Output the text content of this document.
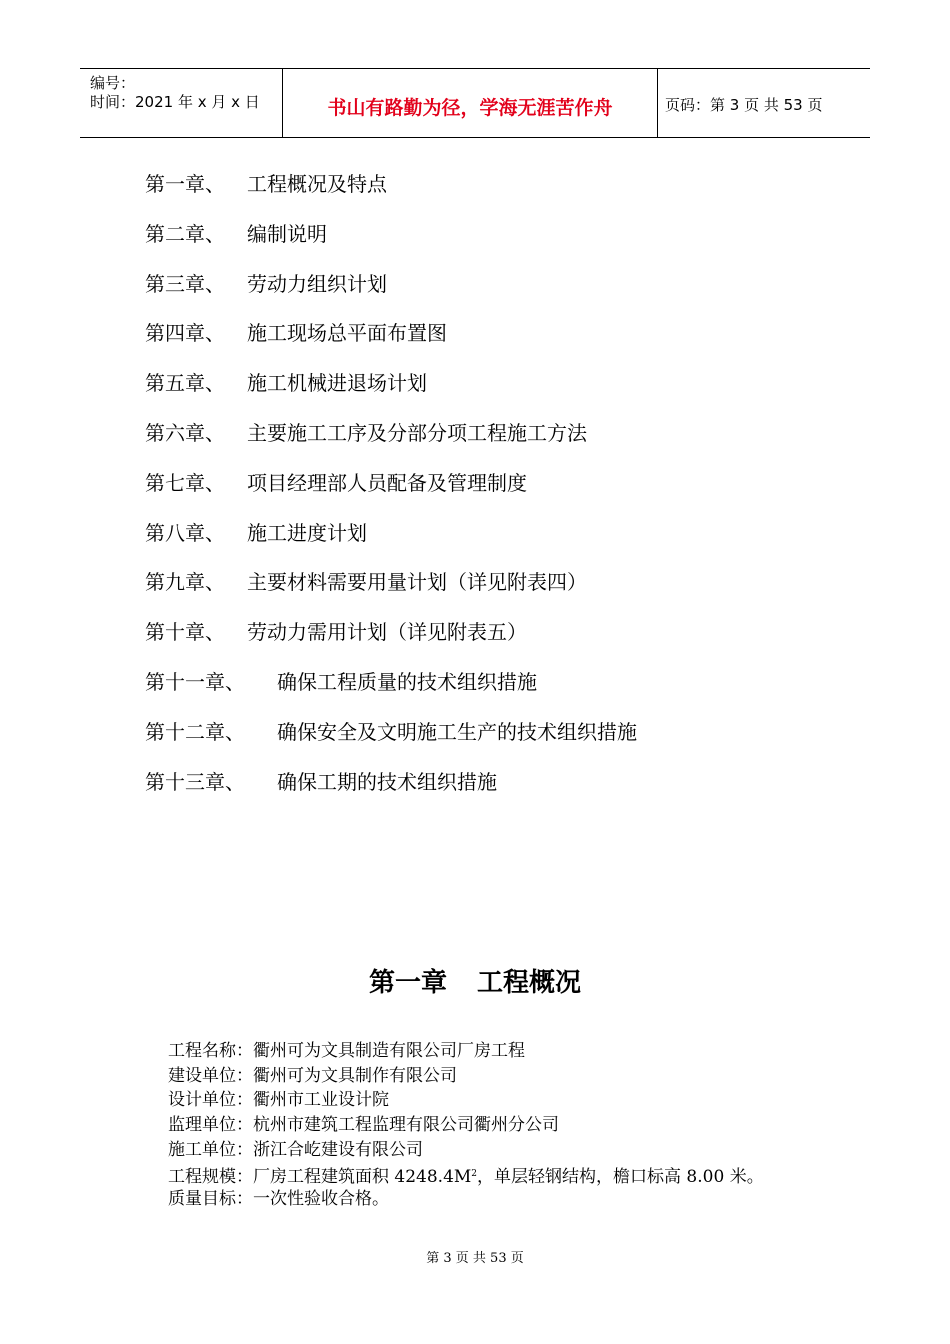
编号：
时间：2021 年 x 月 x 日	书山有路勤为径，学海无涯苦作舟	页码：第 3 页 共 53 页
第一章、 工程概况及特点
第二章、 编制说明
第三章、 劳动力组织计划
第四章、 施工现场总平面布置图
第五章、 施工机械进退场计划
第六章、 主要施工工序及分部分项工程施工方法
第七章、 项目经理部人员配备及管理制度
第八章、 施工进度计划
第九章、 主要材料需要用量计划（详见附表四）
第十章、 劳动力需用计划（详见附表五）
第十一章、 确保工程质量的技术组织措施
第十二章、 确保安全及文明施工生产的技术组织措施
第十三章、 确保工期的技术组织措施
第一章 工程概况
工程名称：衢州可为文具制造有限公司厂房工程
建设单位：衢州可为文具制作有限公司
设计单位：衢州市工业设计院
监理单位：杭州市建筑工程监理有限公司衢州分公司
施工单位：浙江合屹建设有限公司
工程规模：厂房工程建筑面积 $4248.4M^2$，单层轻钢结构，檐口标高 8.00 米。
质量目标：一次性验收合格。
第 3 页 共 53 页
